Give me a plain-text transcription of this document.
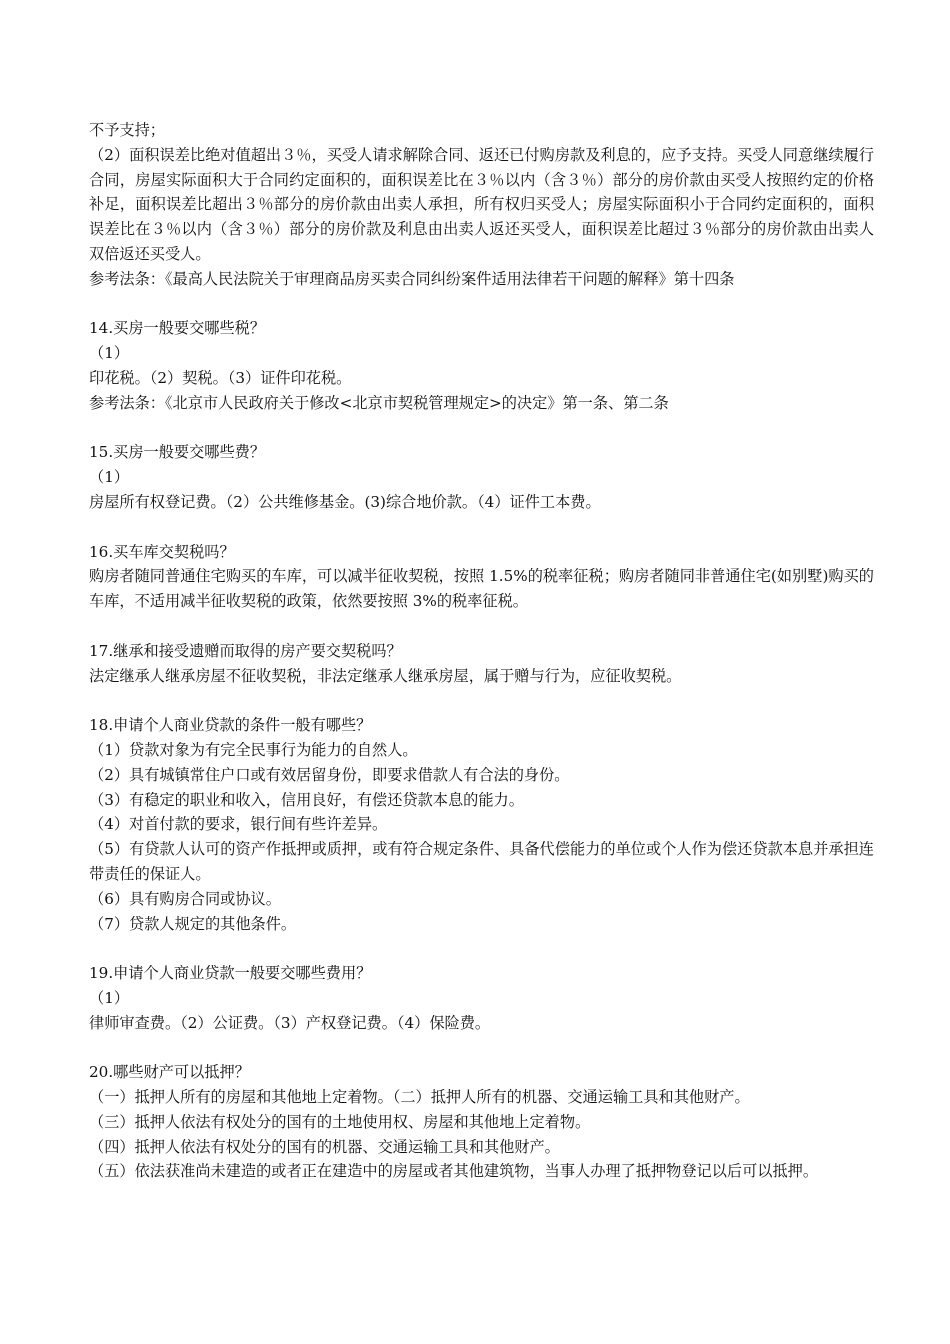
不予支持；

（2）面积误差比绝对值超出３％，买受人请求解除合同、返还已付购房款及利息的，应予支持。买受人同意继续履行合同，房屋实际面积大于合同约定面积的，面积误差比在３％以内（含３％）部分的房价款由买受人按照约定的价格补足，面积误差比超出３％部分的房价款由出卖人承担，所有权归买受人；房屋实际面积小于合同约定面积的，面积误差比在３％以内（含３％）部分的房价款及利息由出卖人返还买受人，面积误差比超过３％部分的房价款由出卖人双倍返还买受人。

参考法条：《最高人民法院关于审理商品房买卖合同纠纷案件适用法律若干问题的解释》第十四条

14.买房一般要交哪些税？

（1）

印花税。（2）契税。（3）证件印花税。

参考法条：《北京市人民政府关于修改<北京市契税管理规定>的决定》第一条、第二条

15.买房一般要交哪些费？

（1）

房屋所有权登记费。（2）公共维修基金。(3)综合地价款。（4）证件工本费。

16.买车库交契税吗？

购房者随同普通住宅购买的车库，可以减半征收契税，按照 1.5%的税率征税；购房者随同非普通住宅(如别墅)购买的车库，不适用减半征收契税的政策，依然要按照 3%的税率征税。

17.继承和接受遗赠而取得的房产要交契税吗？

法定继承人继承房屋不征收契税，非法定继承人继承房屋，属于赠与行为，应征收契税。

18.申请个人商业贷款的条件一般有哪些？

（1）贷款对象为有完全民事行为能力的自然人。

（2）具有城镇常住户口或有效居留身份，即要求借款人有合法的身份。

（3）有稳定的职业和收入，信用良好，有偿还贷款本息的能力。

（4）对首付款的要求，银行间有些许差异。

（5）有贷款人认可的资产作抵押或质押，或有符合规定条件、具备代偿能力的单位或个人作为偿还贷款本息并承担连带责任的保证人。

（6）具有购房合同或协议。

（7）贷款人规定的其他条件。

19.申请个人商业贷款一般要交哪些费用？

（1）

律师审查费。（2）公证费。（3）产权登记费。（4）保险费。

20.哪些财产可以抵押？

（一）抵押人所有的房屋和其他地上定着物。（二）抵押人所有的机器、交通运输工具和其他财产。

（三）抵押人依法有权处分的国有的土地使用权、房屋和其他地上定着物。

（四）抵押人依法有权处分的国有的机器、交通运输工具和其他财产。

（五）依法获准尚未建造的或者正在建造中的房屋或者其他建筑物，当事人办理了抵押物登记以后可以抵押。
